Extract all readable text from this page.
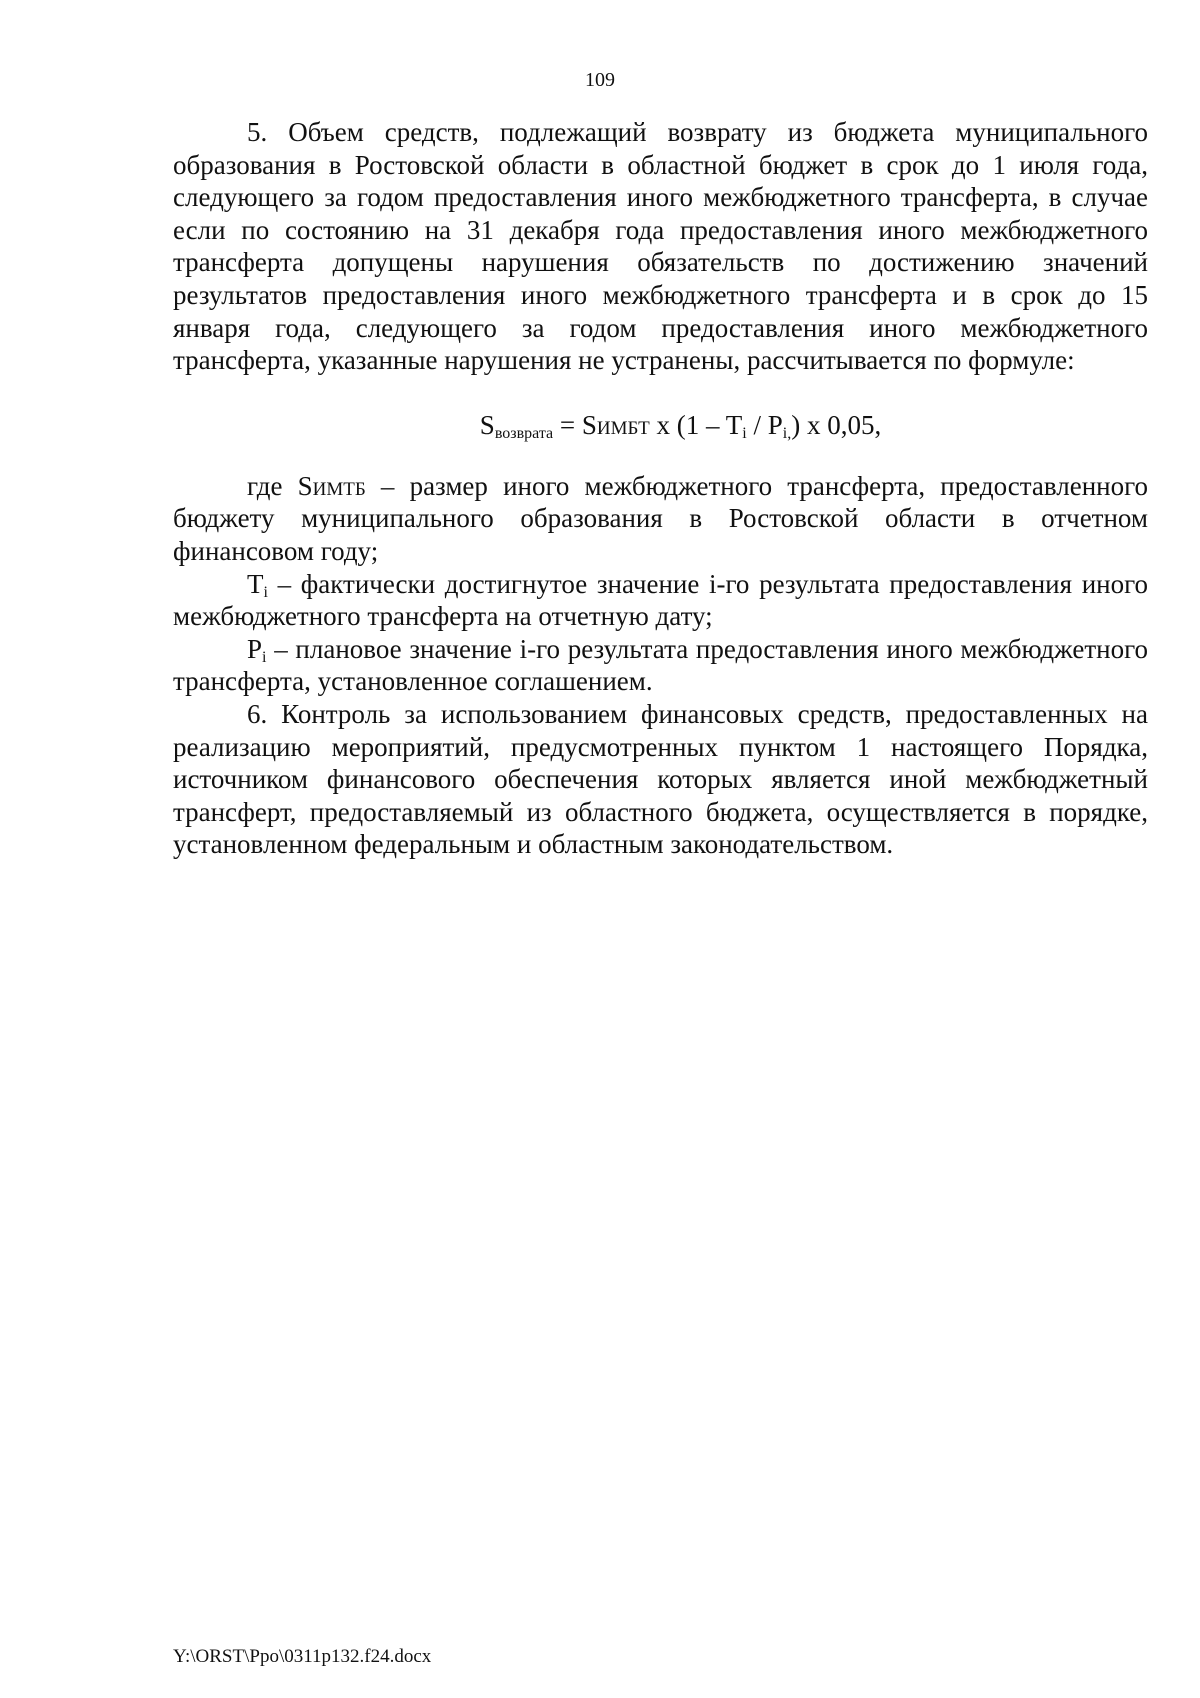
109

5. Объем средств, подлежащий возврату из бюджета муниципального образования в Ростовской области в областной бюджет в срок до 1 июля года, следующего за годом предоставления иного межбюджетного трансферта, в случае если по состоянию на 31 декабря года предоставления иного межбюджетного трансферта допущены нарушения обязательств по достижению значений результатов предоставления иного межбюджетного трансферта и в срок до 15 января года, следующего за годом предоставления иного межбюджетного трансферта, указанные нарушения не устранены, рассчитывается по формуле:

$S_{возврата}$ = SИМБТ x $(1 - T_i / P_{i,})$ x 0,05,

где SИМТБ – размер иного межбюджетного трансферта, предоставленного бюджету муниципального образования в Ростовской области в отчетном финансовом году;

$T_i$ – фактически достигнутое значение i-го результата предоставления иного межбюджетного трансферта на отчетную дату;

$P_i$ – плановое значение i-го результата предоставления иного межбюджетного трансферта, установленное соглашением.

6. Контроль за использованием финансовых средств, предоставленных на реализацию мероприятий, предусмотренных пунктом 1 настоящего Порядка, источником финансового обеспечения которых является иной межбюджетный трансферт, предоставляемый из областного бюджета, осуществляется в порядке, установленном федеральным и областным законодательством.

Y:\ORST\Ppo\0311p132.f24.docx
